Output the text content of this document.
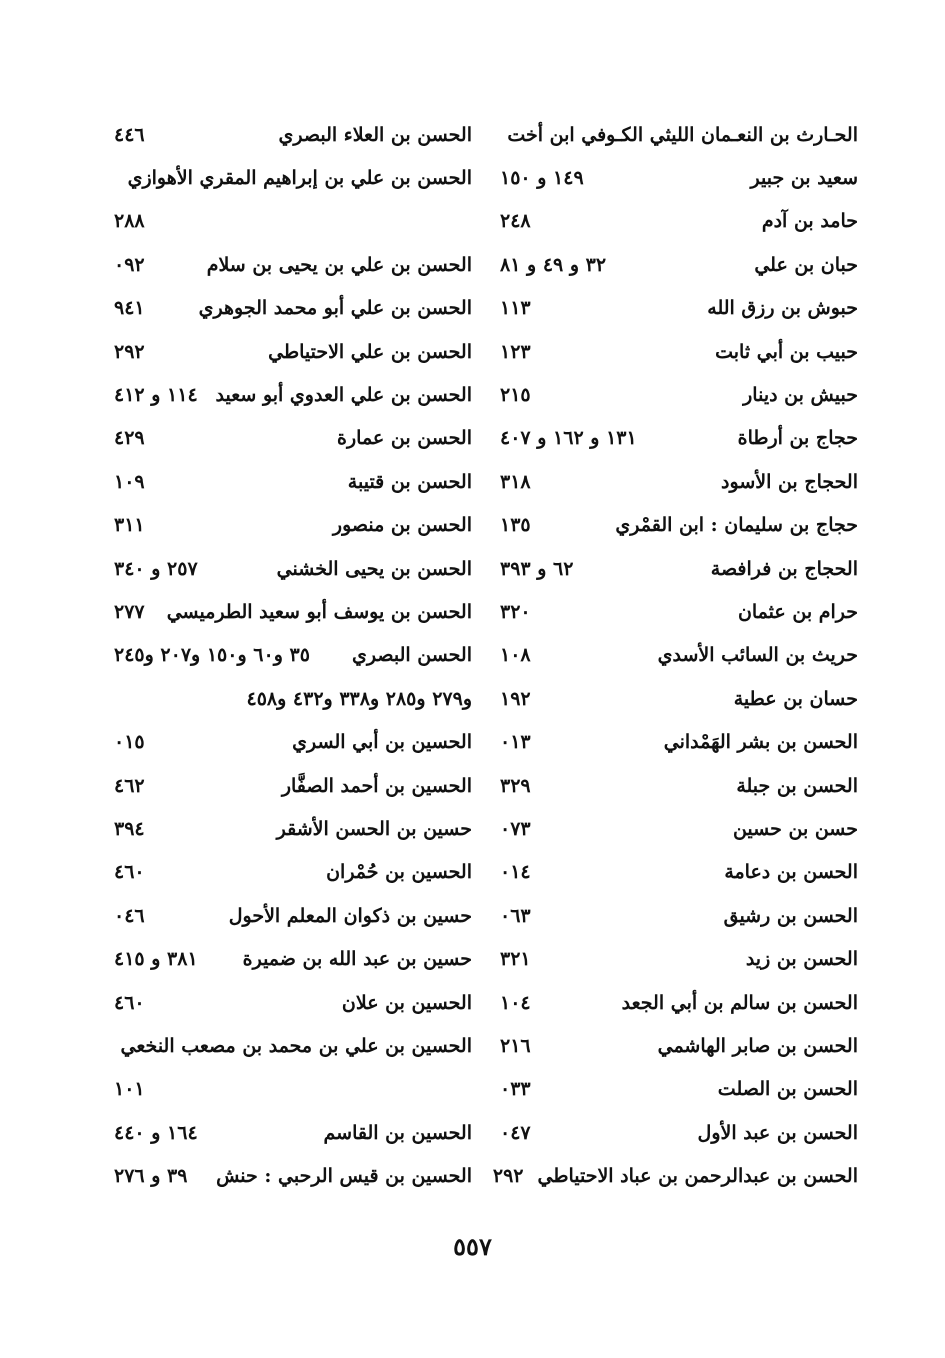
الحـارث بن النعـمان الليثي الكـوفي ابن أخت
سعيد بن جبير
١٤٩ و ١٥٠
حامد بن آدم
٢٤٨
حبان بن علي
٣٢ و ٤٩ و ٨١
حبوش بن رزق الله
١١٣
حبيب بن أبي ثابت
١٢٣
حبيش بن دينار
٢١٥
حجاج بن أرطاة
١٣١ و ١٦٢ و ٤٠٧
الحجاج بن الأسود
٣١٨
حجاج بن سليمان : ابن القمْري
١٣٥
الحجاج بن فرافصة
٦٢ و ٣٩٣
حرام بن عثمان
٣٢٠
حريث بن السائب الأسدي
١٠٨
حسان بن عطية
١٩٢
الحسن بن بشر الهَمْداني
٠١٣
الحسن بن جبلة
٣٢٩
حسن بن حسين
٠٧٣
الحسن بن دعامة
٠١٤
الحسن بن رشيق
٠٦٣
الحسن بن زيد
٣٢١
الحسن بن سالم بن أبي الجعد
١٠٤
الحسن بن صابر الهاشمي
٢١٦
الحسن بن الصلت
٠٣٣
الحسن بن عبد الأول
٠٤٧
الحسن بن عبدالرحمن بن عباد الاحتياطي
٢٩٢
الحسن بن العلاء البصري
٤٤٦
الحسن بن علي بن إبراهيم المقري الأهوازي
٢٨٨
الحسن بن علي بن يحيى بن سلام
٠٩٢
الحسن بن علي أبو محمد الجوهري
٩٤١
الحسن بن علي الاحتياطي
٢٩٢
الحسن بن علي العدوي أبو سعيد
١١٤ و ٤١٢
الحسن بن عمارة
٤٢٩
الحسن بن قتيبة
١٠٩
الحسن بن منصور
٣١١
الحسن بن يحيى الخشني
٢٥٧ و ٣٤٠
الحسن بن يوسف أبو سعيد الطرميسي
٢٧٧
الحسن البصري
٣٥ و٦٠ و١٥٠ و٢٠٧ و٢٤٥
و٢٧٩ و٢٨٥ و٣٣٨ و٤٣٢ و٤٥٨
الحسين بن أبي السري
٠١٥
الحسين بن أحمد الصفَّار
٤٦٢
حسين بن الحسن الأشقر
٣٩٤
الحسين بن حُمْران
٤٦٠
حسين بن ذكوان المعلم الأحول
٠٤٦
حسين بن عبد الله بن ضميرة
٣٨١ و ٤١٥
الحسين بن علان
٤٦٠
الحسين بن علي بن محمد بن مصعب النخعي
١٠١
الحسين بن القاسم
١٦٤ و ٤٤٠
الحسين بن قيس الرحبي : حنش
٣٩ و ٢٧٦
٥٥٧
